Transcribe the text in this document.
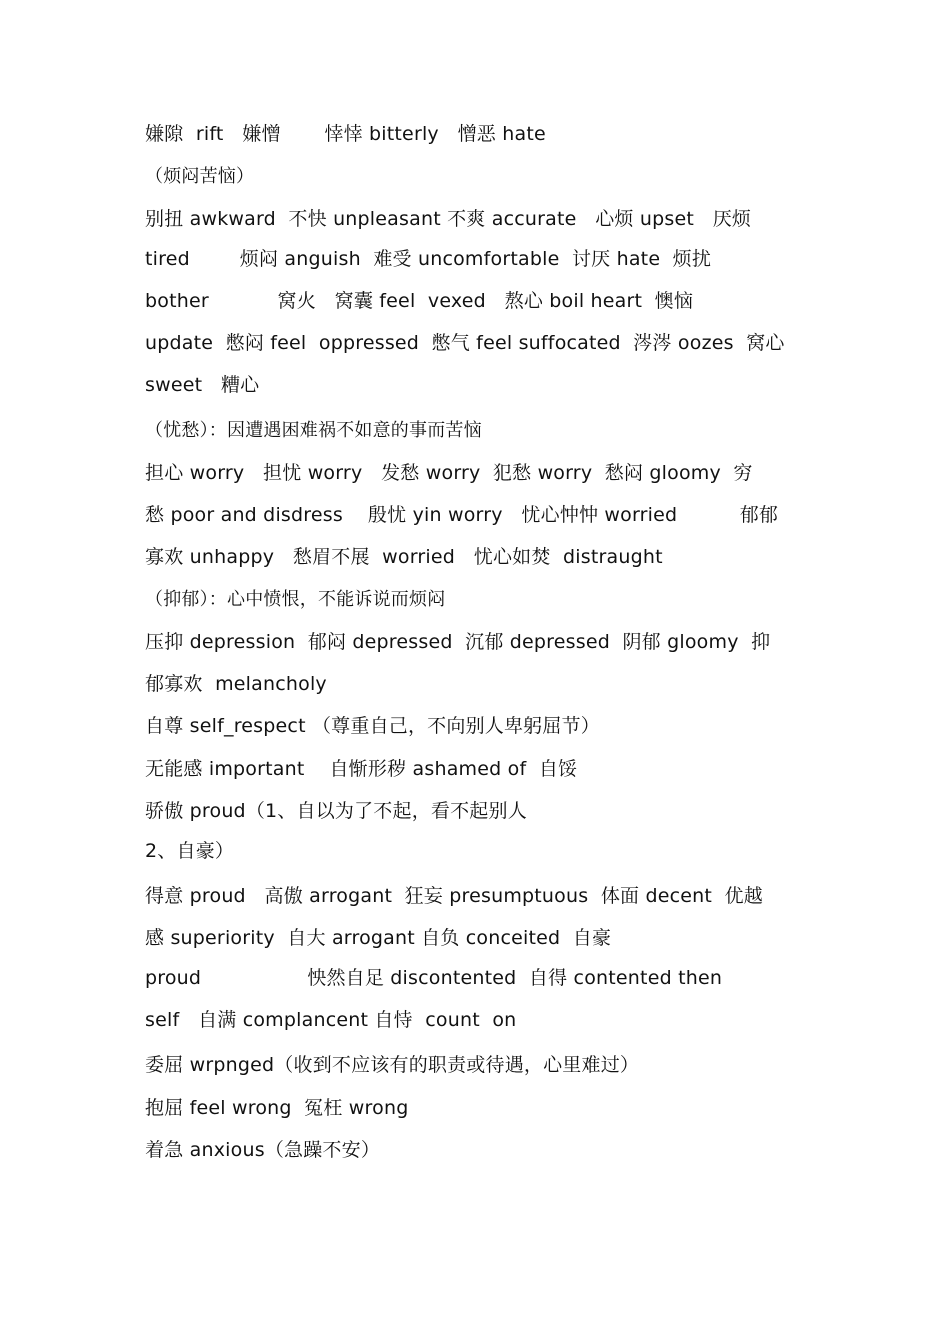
嫌隙  rift   嫌憎       悻悻 bitterly   憎恶 hate
（烦闷苦恼）
别扭 awkward  不快 unpleasant 不爽 accurate   心烦 upset   厌烦
tired        烦闷 anguish  难受 uncomfortable  讨厌 hate  烦扰
bother           窝火   窝囊 feel  vexed   熬心 boil heart  懊恼
update  憋闷 feel  oppressed  憋气 feel suffocated  涔涔 oozes  窝心
sweet   糟心
（忧愁）：因遭遇困难祸不如意的事而苦恼
担心 worry   担忧 worry   发愁 worry  犯愁 worry  愁闷 gloomy  穷
愁 poor and disdress    殷忧 yin worry   忧心忡忡 worried          郁郁
寡欢 unhappy   愁眉不展  worried   忧心如焚  distraught
（抑郁）：心中愤恨，不能诉说而烦闷
压抑 depression  郁闷 depressed  沉郁 depressed  阴郁 gloomy  抑
郁寡欢  melancholy
自尊 self_respect （尊重自己，不向别人卑躬屈节）
无能感 important    自惭形秽 ashamed of  自馁
骄傲 proud（1、自以为了不起，看不起别人
2、自豪）
得意 proud   高傲 arrogant  狂妄 presumptuous  体面 decent  优越
感 superiority  自大 arrogant 自负 conceited  自豪
proud                 怏然自足 discontented  自得 contented then
self   自满 complancent 自恃  count  on
委屈 wrpnged（收到不应该有的职责或待遇，心里难过）
抱屈 feel wrong  冤枉 wrong
着急 anxious（急躁不安）
